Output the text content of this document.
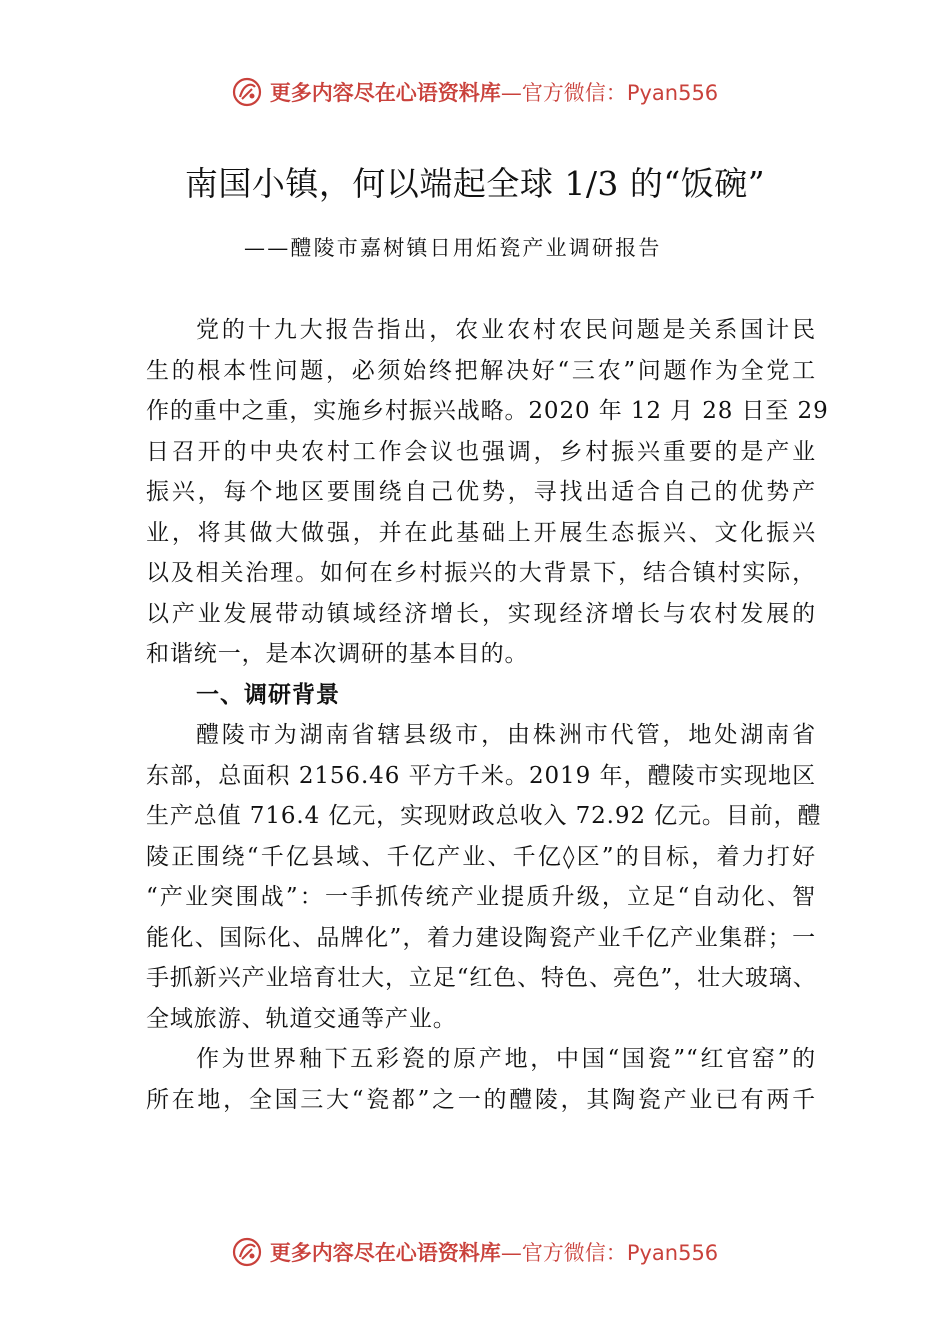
更多内容尽在心语资料库—官方微信：Pyan556
南国小镇，何以端起全球 1/3 的“饭碗”
——醴陵市嘉树镇日用炻瓷产业调研报告
党的十九大报告指出，农业农村农民问题是关系国计民
生的根本性问题，必须始终把解决好“三农”问题作为全党工
作的重中之重，实施乡村振兴战略。2020 年 12 月 28 日至 29
日召开的中央农村工作会议也强调，乡村振兴重要的是产业
振兴，每个地区要围绕自己优势，寻找出适合自己的优势产
业，将其做大做强，并在此基础上开展生态振兴、文化振兴
以及相关治理。如何在乡村振兴的大背景下，结合镇村实际，
以产业发展带动镇域经济增长，实现经济增长与农村发展的
和谐统一，是本次调研的基本目的。
一、调研背景
醴陵市为湖南省辖县级市，由株洲市代管，地处湖南省
东部，总面积 2156.46 平方千米。2019 年，醴陵市实现地区
生产总值 716.4 亿元，实现财政总收入 72.92 亿元。目前，醴
陵正围绕“千亿县域、千亿产业、千亿◊区”的目标，着力打好
“产业突围战”：一手抓传统产业提质升级，立足“自动化、智
能化、国际化、品牌化”，着力建设陶瓷产业千亿产业集群；一
手抓新兴产业培育壮大，立足“红色、特色、亮色”，壮大玻璃、
全域旅游、轨道交通等产业。
作为世界釉下五彩瓷的原产地，中国“国瓷”“红官窑”的
所在地，全国三大“瓷都”之一的醴陵，其陶瓷产业已有两千
更多内容尽在心语资料库—官方微信：Pyan556
